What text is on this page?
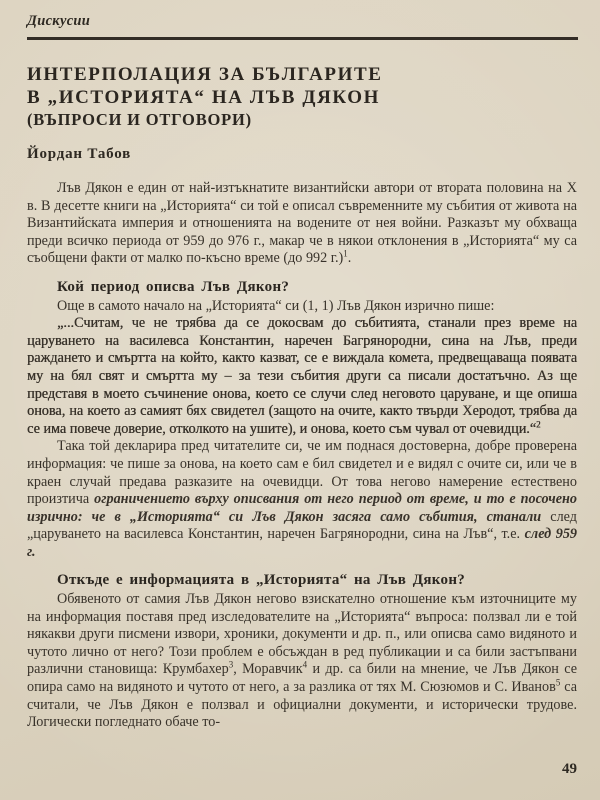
Дискусии
ИНТЕРПОЛАЦИЯ ЗА БЪЛГАРИТЕ
В „ИСТОРИЯТА“ НА ЛЪВ ДЯКОН
(ВЪПРОСИ И ОТГОВОРИ)
Йордан Табов

Лъв Дякон е един от най-изтъкнатите византийски автори от втората половина на X в. В десетте книги на „Историята“ си той е описал съвременните му събития от живота на Византийската империя и отношенията на водените от нея войни. Разказът му обхваща преди всичко периода от 959 до 976 г., макар че в някои отклонения в „Историята“ му са съобщени факти от малко по-късно време (до 992 г.)$^1$.

Кой период описва Лъв Дякон?

Още в самото начало на „Историята“ си (1, 1) Лъв Дякон изрично пише:

„...Считам, че не трябва да се докосвам до събитията, станали през време на царуването на василевса Константин, наречен Багрянородни, сина на Лъв, преди раждането и смъртта на който, както казват, се е виждала комета, предвещаваща появата му на бял свят и смъртта му – за тези събития други са писали достатъчно. Аз ще представя в моето съчинение онова, което се случи след неговото царуване, и ще опиша онова, на което аз самият бях свидетел (защото на очите, както твърди Херодот, трябва да се има повече доверие, отколкото на ушите), и онова, което съм чувал от очевидци.“$^2$

Така той декларира пред читателите си, че им поднася достоверна, добре проверена информация: че пише за онова, на което сам е бил свидетел и е видял с очите си, или че в краен случай предава разказите на очевидци. От това негово намерение естествено произтича ограничението върху описвания от него период от време, и то е посочено изрично: че в „Историята“ си Лъв Дякон засяга само събития, станали след „царуването на василевса Константин, наречен Багрянородни, сина на Лъв“, т.е. след 959 г.

Откъде е информацията в „Историята“ на Лъв Дякон?

Обявеното от самия Лъв Дякон негово взискателно отношение към източниците му на информация поставя пред изследователите на „Историята“ въпроса: ползвал ли е той някакви други писмени извори, хроники, документи и др. п., или описва само видяното и чутото лично от него? Този проблем е обсъждан в ред публикации и са били застъпвани различни становища: Крумбахер$^3$, Моравчик$^4$ и др. са били на мнение, че Лъв Дякон се опира само на видяното и чутото от него, а за разлика от тях М. Сюзюмов и С. Иванов$^5$ са считали, че Лъв Дякон е ползвал и официални документи, и исторически трудове. Логически погледнато обаче то-

49
